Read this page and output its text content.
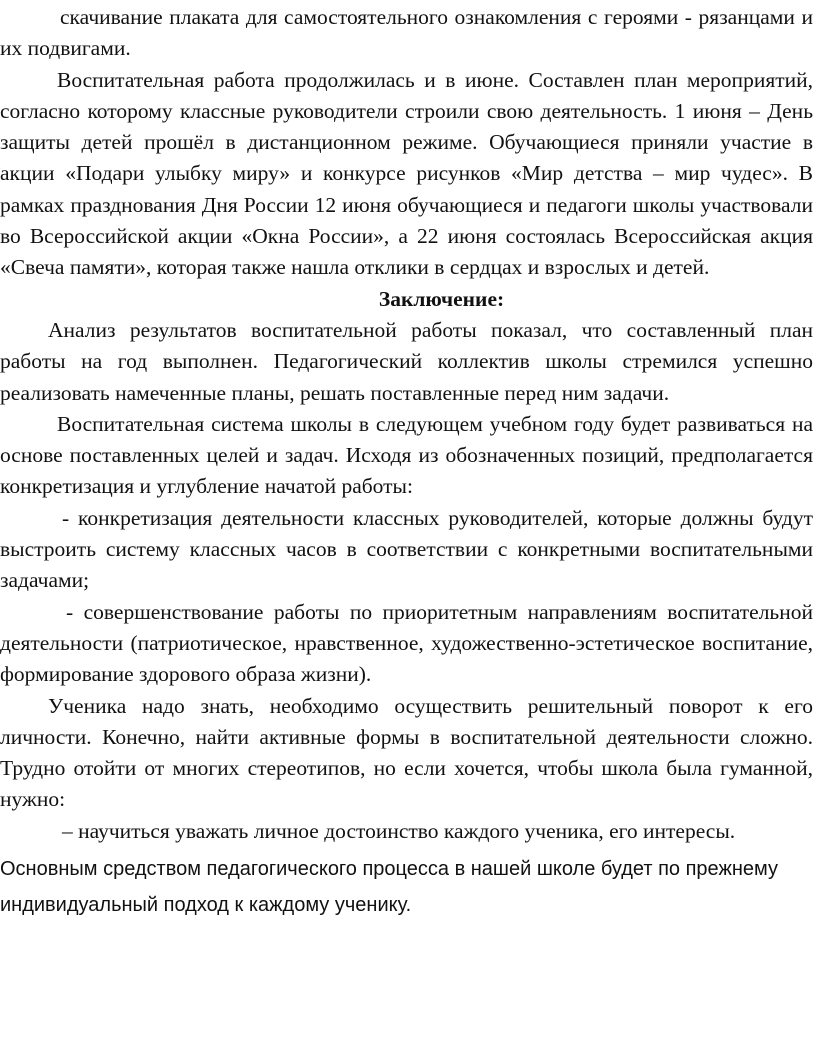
скачивание плаката для самостоятельного ознакомления с героями - рязанцами и их подвигами.

Воспитательная работа продолжилась и в июне. Составлен план мероприятий, согласно которому классные руководители строили свою деятельность. 1 июня – День защиты детей прошёл в дистанционном режиме. Обучающиеся приняли участие в акции «Подари улыбку миру» и конкурсе рисунков «Мир детства – мир чудес». В рамках празднования Дня России 12 июня обучающиеся и педагоги школы участвовали во Всероссийской акции «Окна России», а 22 июня состоялась Всероссийская акция «Свеча памяти», которая также нашла отклики в сердцах и взрослых и детей.

Заключение:

Анализ результатов воспитательной работы показал, что составленный план работы на год выполнен. Педагогический коллектив школы стремился успешно реализовать намеченные планы, решать поставленные перед ним задачи.

Воспитательная система школы в следующем учебном году будет развиваться на основе поставленных целей и задач. Исходя из обозначенных позиций, предполагается конкретизация и углубление начатой работы:

- конкретизация деятельности классных руководителей, которые должны будут выстроить систему классных часов в соответствии с конкретными воспитательными задачами;

- совершенствование работы по приоритетным направлениям воспитательной деятельности (патриотическое, нравственное, художественно-эстетическое воспитание, формирование здорового образа жизни).

Ученика надо знать, необходимо осуществить решительный поворот к его личности. Конечно, найти активные формы в воспитательной деятельности сложно. Трудно отойти от многих стереотипов, но если хочется, чтобы школа была гуманной, нужно:

– научиться уважать личное достоинство каждого ученика, его интересы.

Основным средством педагогического процесса в нашей школе будет по прежнему индивидуальный подход к каждому ученику.
